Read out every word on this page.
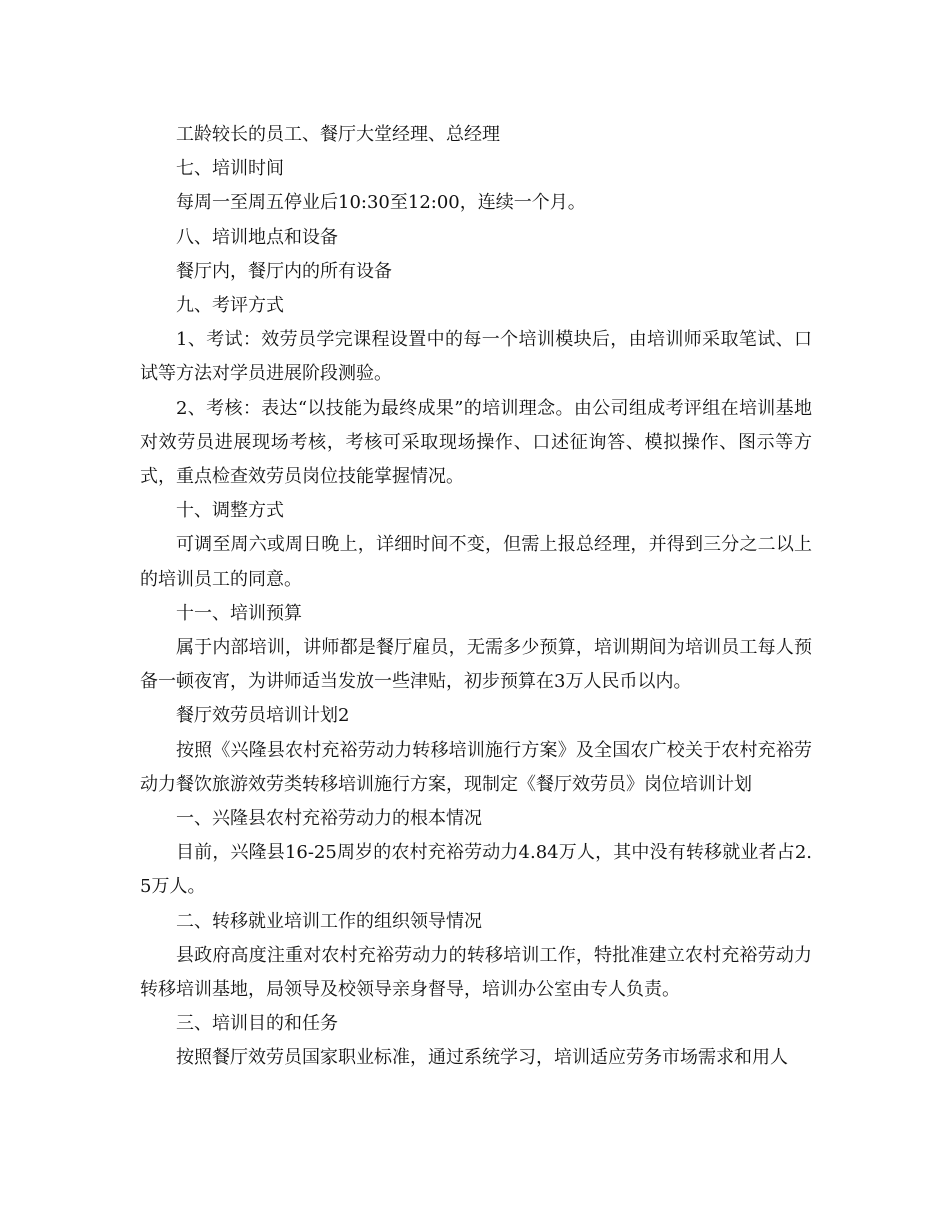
工龄较长的员工、餐厅大堂经理、总经理

七、培训时间

每周一至周五停业后10:30至12:00，连续一个月。

八、培训地点和设备

餐厅内，餐厅内的所有设备

九、考评方式

1、考试：效劳员学完课程设置中的每一个培训模块后，由培训师采取笔试、口试等方法对学员进展阶段测验。

2、考核：表达“以技能为最终成果”的培训理念。由公司组成考评组在培训基地对效劳员进展现场考核，考核可采取现场操作、口述征询答、模拟操作、图示等方式，重点检查效劳员岗位技能掌握情况。

十、调整方式

可调至周六或周日晚上，详细时间不变，但需上报总经理，并得到三分之二以上的培训员工的同意。

十一、培训预算

属于内部培训，讲师都是餐厅雇员，无需多少预算，培训期间为培训员工每人预备一顿夜宵，为讲师适当发放一些津贴，初步预算在3万人民币以内。

餐厅效劳员培训计划2

按照《兴隆县农村充裕劳动力转移培训施行方案》及全国农广校关于农村充裕劳动力餐饮旅游效劳类转移培训施行方案，现制定《餐厅效劳员》岗位培训计划

一、兴隆县农村充裕劳动力的根本情况

目前，兴隆县16-25周岁的农村充裕劳动力4.84万人，其中没有转移就业者占2.5万人。

二、转移就业培训工作的组织领导情况

县政府高度注重对农村充裕劳动力的转移培训工作，特批准建立农村充裕劳动力转移培训基地，局领导及校领导亲身督导，培训办公室由专人负责。

三、培训目的和任务

按照餐厅效劳员国家职业标准，通过系统学习，培训适应劳务市场需求和用人
